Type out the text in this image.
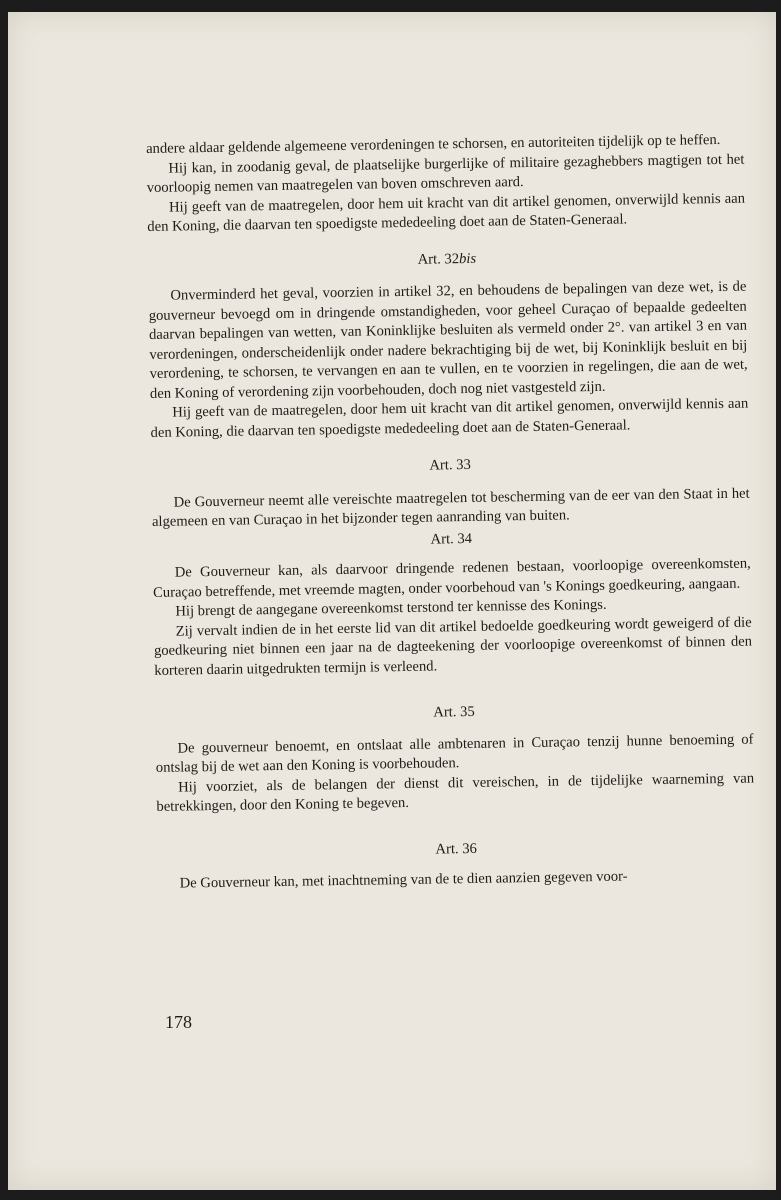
andere aldaar geldende algemeene verordeningen te schorsen, en autoriteiten tijdelijk op te heffen.

Hij kan, in zoodanig geval, de plaatselijke burgerlijke of militaire gezaghebbers magtigen tot het voorloopig nemen van maatregelen van boven omschreven aard.

Hij geeft van de maatregelen, door hem uit kracht van dit artikel genomen, onverwijld kennis aan den Koning, die daarvan ten spoedigste mededeeling doet aan de Staten-Generaal.

Art. 32bis

Onverminderd het geval, voorzien in artikel 32, en behoudens de bepalingen van deze wet, is de gouverneur bevoegd om in dringende omstandigheden, voor geheel Curaçao of bepaalde gedeelten daarvan bepalingen van wetten, van Koninklijke besluiten als vermeld onder 2°. van artikel 3 en van verordeningen, onderscheidenlijk onder nadere bekrachtiging bij de wet, bij Koninklijk besluit en bij verordening, te schorsen, te vervangen en aan te vullen, en te voorzien in regelingen, die aan de wet, den Koning of verordening zijn voorbehouden, doch nog niet vastgesteld zijn.

Hij geeft van de maatregelen, door hem uit kracht van dit artikel genomen, onverwijld kennis aan den Koning, die daarvan ten spoedigste mededeeling doet aan de Staten-Generaal.

Art. 33

De Gouverneur neemt alle vereischte maatregelen tot bescherming van de eer van den Staat in het algemeen en van Curaçao in het bijzonder tegen aanranding van buiten.

Art. 34

De Gouverneur kan, als daarvoor dringende redenen bestaan, voorloopige overeenkomsten, Curaçao betreffende, met vreemde magten, onder voorbehoud van 's Konings goedkeuring, aangaan.

Hij brengt de aangegane overeenkomst terstond ter kennisse des Konings.

Zij vervalt indien de in het eerste lid van dit artikel bedoelde goedkeuring wordt geweigerd of die goedkeuring niet binnen een jaar na de dagteekening der voorloopige overeenkomst of binnen den korteren daarin uitgedrukten termijn is verleend.

Art. 35

De gouverneur benoemt, en ontslaat alle ambtenaren in Curaçao tenzij hunne benoeming of ontslag bij de wet aan den Koning is voorbehouden.

Hij voorziet, als de belangen der dienst dit vereischen, in de tijdelijke waarneming van betrekkingen, door den Koning te begeven.

Art. 36

De Gouverneur kan, met inachtneming van de te dien aanzien gegeven voor-

178
